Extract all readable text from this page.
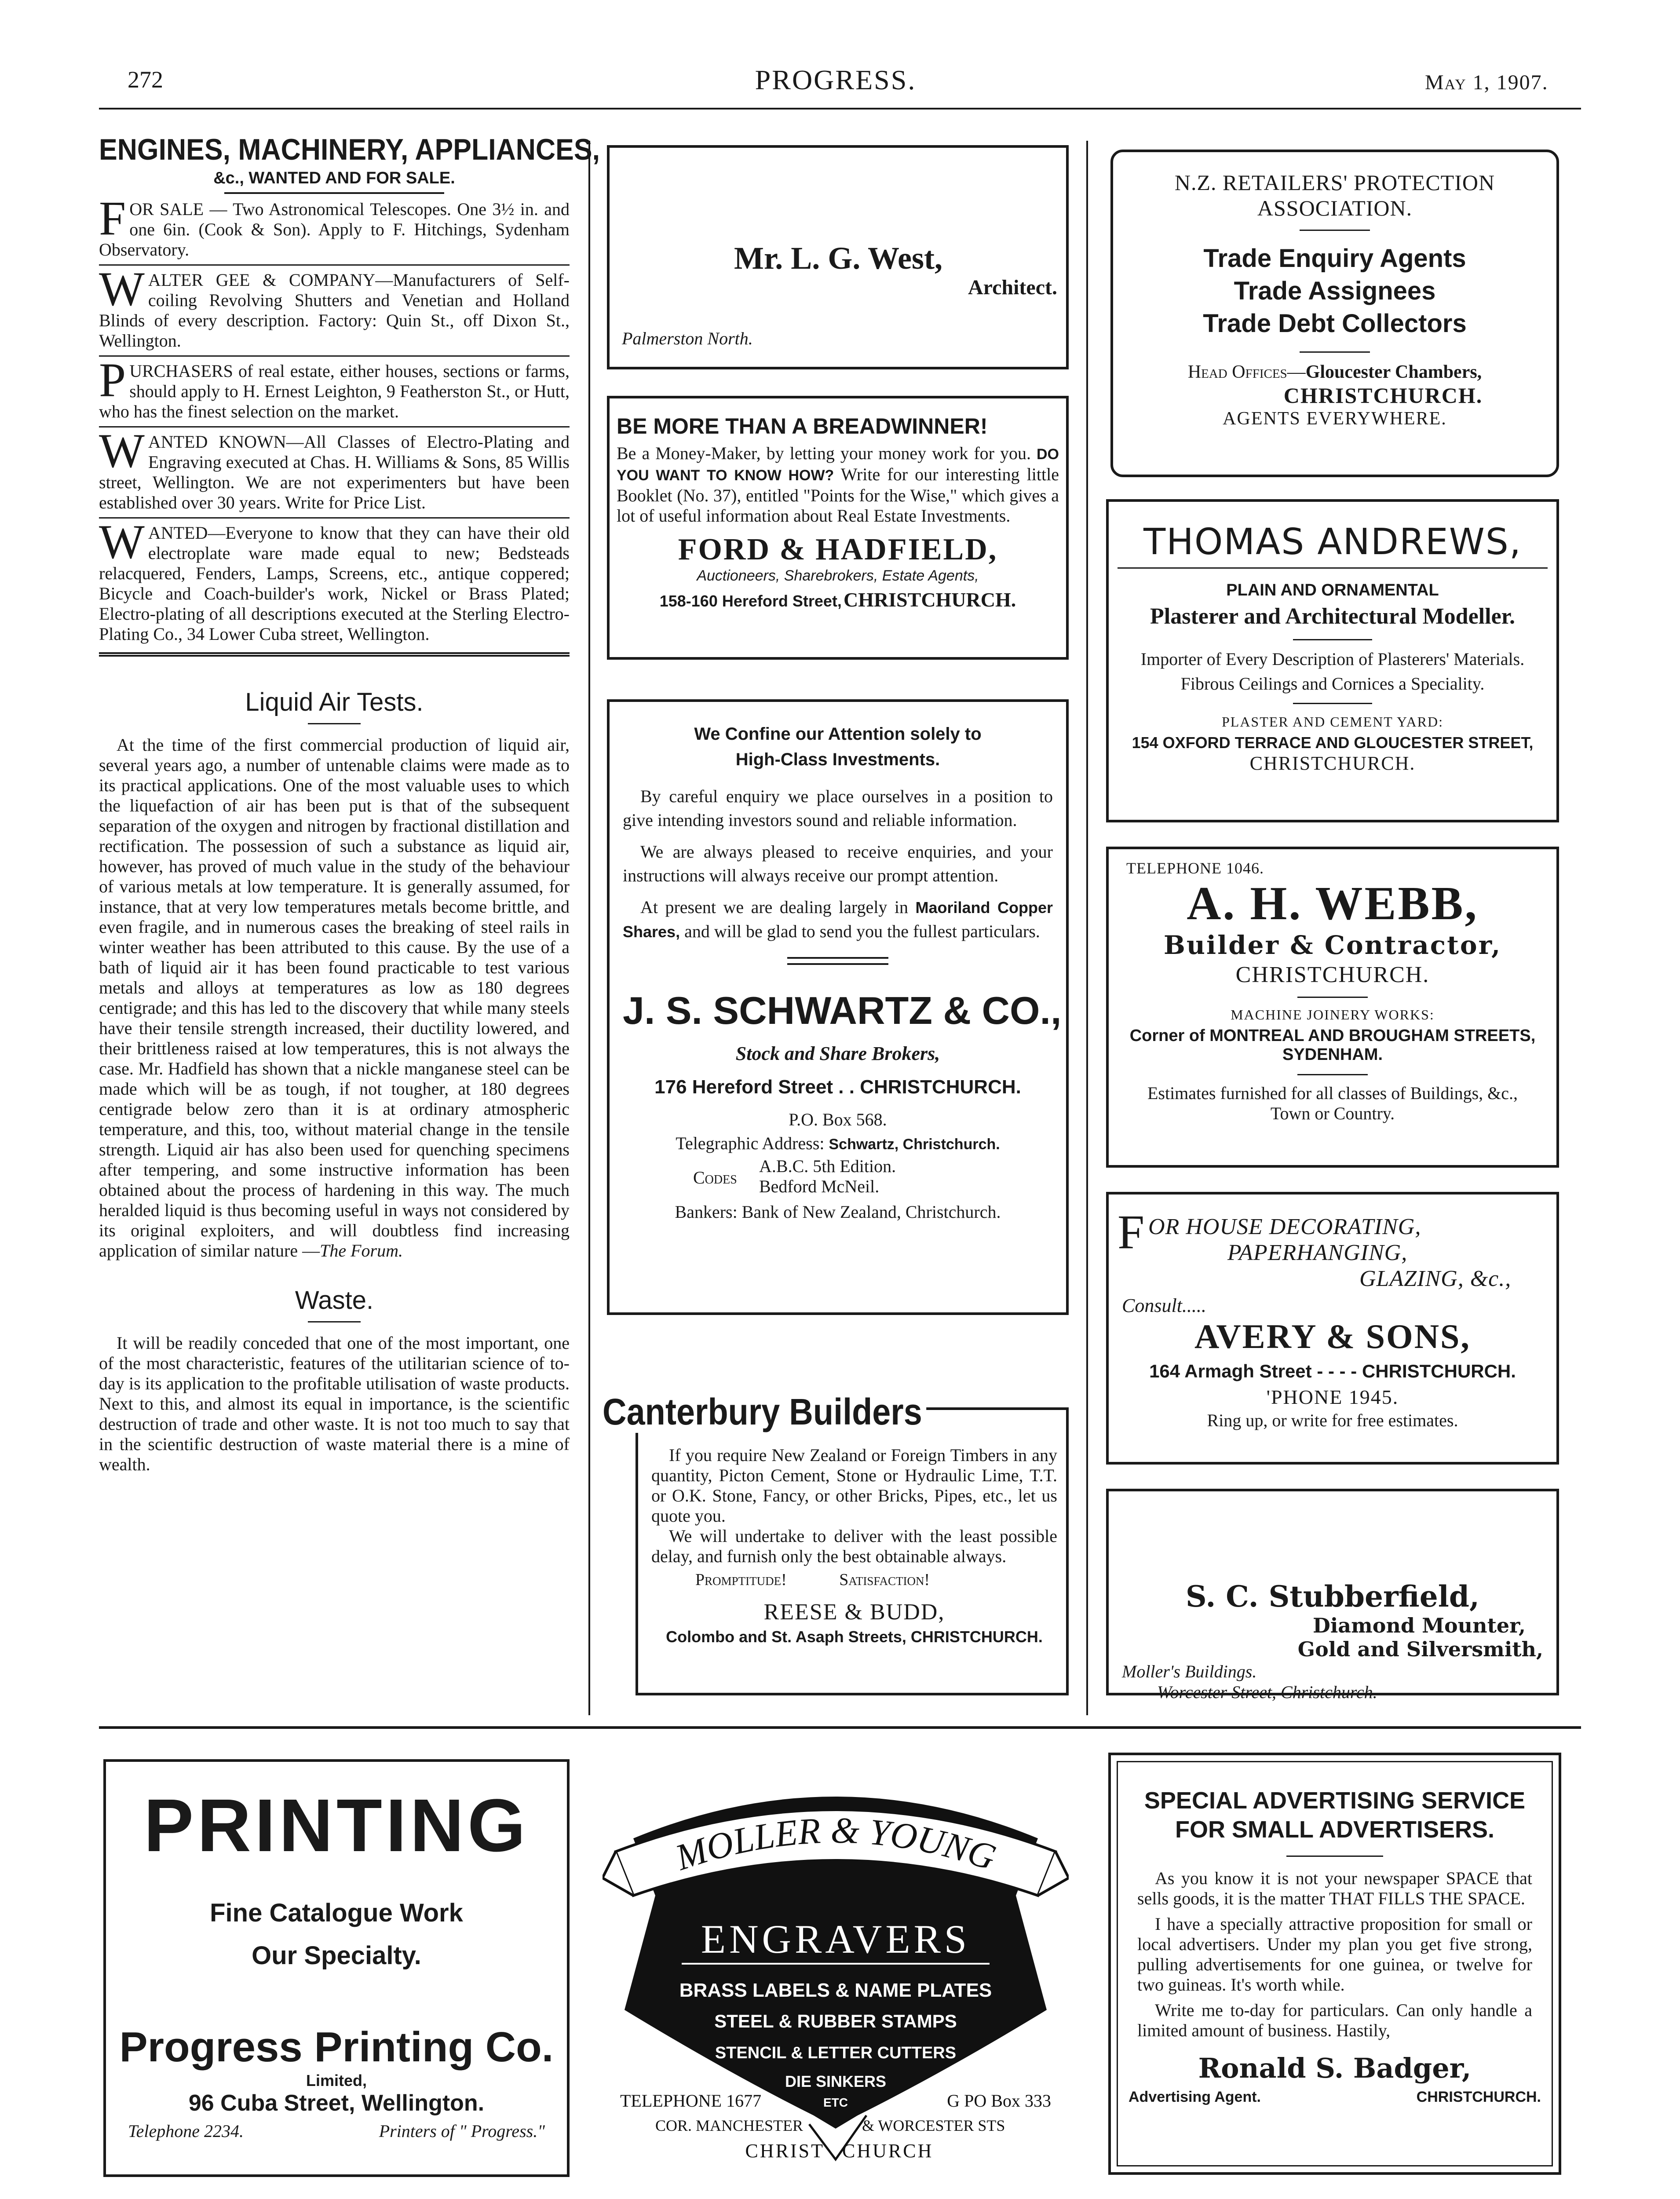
272	PROGRESS.	May 1, 1907.
ENGINES, MACHINERY, APPLIANCES,
&c., WANTED AND FOR SALE.
F OR SALE — Two Astronomical Telescopes. One 3½ in. and one 6in. (Cook & Son). Apply to F. Hitchings, Sydenham Observatory.
W ALTER GEE & COMPANY—Manufacturers of Self-coiling Revolving Shutters and Venetian and Holland Blinds of every description. Factory: Quin St., off Dixon St., Wellington.
P URCHASERS of real estate, either houses, sections or farms, should apply to H. Ernest Leighton, 9 Featherston St., or Hutt, who has the finest selection on the market.
W ANTED KNOWN—All Classes of Electro-Plating and Engraving executed at Chas. H. Williams & Sons, 85 Willis street, Wellington. We are not experimenters but have been established over 30 years. Write for Price List.
W ANTED—Everyone to know that they can have their old electroplate ware made equal to new; Bedsteads relacquered, Fenders, Lamps, Screens, etc., antique coppered; Bicycle and Coach-builder's work, Nickel or Brass Plated; Electro-plating of all descriptions executed at the Sterling Electro-Plating Co., 34 Lower Cuba street, Wellington.
Liquid Air Tests.

At the time of the first commercial production of liquid air, several years ago, a number of untenable claims were made as to its practical applications. One of the most valuable uses to which the liquefaction of air has been put is that of the subsequent separation of the oxygen and nitrogen by fractional distillation and rectification. The possession of such a substance as liquid air, however, has proved of much value in the study of the behaviour of various metals at low temperature. It is generally assumed, for instance, that at very low temperatures metals become brittle, and even fragile, and in numerous cases the breaking of steel rails in winter weather has been attributed to this cause. By the use of a bath of liquid air it has been found practicable to test various metals and alloys at temperatures as low as 180 degrees centigrade; and this has led to the discovery that while many steels have their tensile strength increased, their ductility lowered, and their brittleness raised at low temperatures, this is not always the case. Mr. Hadfield has shown that a nickle manganese steel can be made which will be as tough, if not tougher, at 180 degrees centigrade below zero than it is at ordinary atmospheric temperature, and this, too, without material change in the tensile strength. Liquid air has also been used for quenching specimens after tempering, and some instructive information has been obtained about the process of hardening in this way. The much heralded liquid is thus becoming useful in ways not considered by its original exploiters, and will doubtless find increasing application of similar nature —The Forum.

Waste.

It will be readily conceded that one of the most important, one of the most characteristic, features of the utilitarian science of to-day is its application to the profitable utilisation of waste products. Next to this, and almost its equal in importance, is the scientific destruction of trade and other waste. It is not too much to say that in the scientific destruction of waste material there is a mine of wealth.

Mr. L. G. West,
Architect.
Palmerston North.
BE MORE THAN A BREADWINNER!

Be a Money-Maker, by letting your money work for you. DO YOU WANT TO KNOW HOW? Write for our interesting little Booklet (No. 37), entitled "Points for the Wise," which gives a lot of useful information about Real Estate Investments.

FORD & HADFIELD,
Auctioneers, Sharebrokers, Estate Agents,
158-160 Hereford Street, CHRISTCHURCH.
We Confine our Attention solely to
High-Class Investments.

By careful enquiry we place ourselves in a position to give intending investors sound and reliable information.

We are always pleased to receive enquiries, and your instructions will always receive our prompt attention.

At present we are dealing largely in Maoriland Copper Shares, and will be glad to send you the fullest particulars.

J. S. SCHWARTZ & CO.,
Stock and Share Brokers,
176 Hereford Street . . CHRISTCHURCH.
P.O. Box 568.
Telegraphic Address: Schwartz, Christchurch.
Codes
A.B.C. 5th Edition.
Bedford McNeil.
Bankers: Bank of New Zealand, Christchurch.
Canterbury Builders

If you require New Zealand or Foreign Timbers in any quantity, Picton Cement, Stone or Hydraulic Lime, T.T. or O.K. Stone, Fancy, or other Bricks, Pipes, etc., let us quote you.

We will undertake to deliver with the least possible delay, and furnish only the best obtainable always.

Promptitude!	Satisfaction!
REESE & BUDD,
Colombo and St. Asaph Streets, CHRISTCHURCH.
N.Z. RETAILERS' PROTECTION
ASSOCIATION.
Trade Enquiry Agents
Trade Assignees
Trade Debt Collectors
Head Offices—Gloucester Chambers,
CHRISTCHURCH.
AGENTS EVERYWHERE.
THOMAS ANDREWS,
PLAIN AND ORNAMENTAL
Plasterer and Architectural Modeller.
Importer of Every Description of Plasterers' Materials.
Fibrous Ceilings and Cornices a Speciality.
PLASTER AND CEMENT YARD:
154 OXFORD TERRACE AND GLOUCESTER STREET,
CHRISTCHURCH.
TELEPHONE 1046.
A. H. WEBB,
Builder & Contractor,
CHRISTCHURCH.
MACHINE JOINERY WORKS:
Corner of MONTREAL AND BROUGHAM STREETS,
SYDENHAM.
Estimates furnished for all classes of Buildings, &c., Town or Country.
F OR HOUSE DECORATING,
PAPERHANGING,
GLAZING, &c.,
Consult.....
AVERY & SONS,
164 Armagh Street - - - - CHRISTCHURCH.
'PHONE 1945.
Ring up, or write for free estimates.
S. C. Stubberfield,
Diamond Mounter,
Gold and Silversmith,
Moller's Buildings.
Worcester Street, Christchurch.
PRINTING
Fine Catalogue Work
Our Specialty.
Progress Printing Co.
Limited,
96 Cuba Street, Wellington.
Telephone 2234.	Printers of " Progress."
MOLLER & YOUNG
ENGRAVERS
BRASS LABELS & NAME PLATES
STEEL & RUBBER STAMPS
STENCIL & LETTER CUTTERS
DIE SINKERS
ETC
TELEPHONE 1677	G PO Box 333
COR. MANCHESTER	& WORCESTER STS
CHRIST CHURCH
SPECIAL ADVERTISING SERVICE
FOR SMALL ADVERTISERS.

As you know it is not your newspaper SPACE that sells goods, it is the matter THAT FILLS THE SPACE.

I have a specially attractive proposition for small or local advertisers. Under my plan you get five strong, pulling advertisements for one guinea, or twelve for two guineas. It's worth while.

Write me to-day for particulars. Can only handle a limited amount of business. Hastily,

Ronald S. Badger,
Advertising Agent.	CHRISTCHURCH.
